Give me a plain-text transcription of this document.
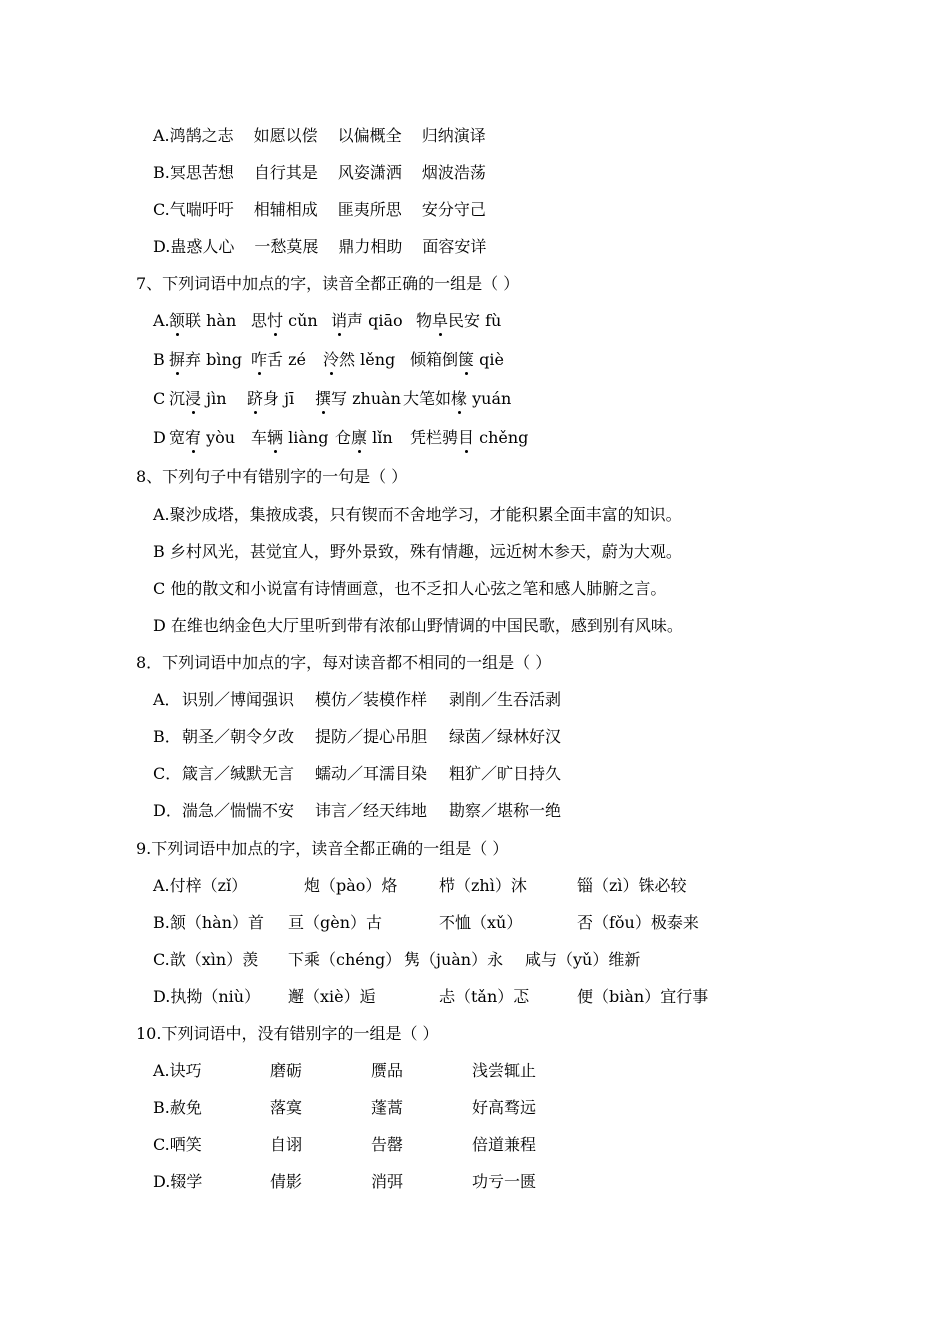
A.鸿鹄之志 如愿以偿 以偏概全 归纳演译
B.冥思苦想 自行其是 风姿潇洒 烟波浩荡
C.气喘吁吁 相辅相成 匪夷所思 安分守己
D.蛊惑人心 一愁莫展 鼎力相助 面容安详
7、下列词语中加点的字，读音全都正确的一组是（ ）
A. 颔联 hàn 思忖 cǔn 诮声 qiāo 物阜民安 fù
B 摒弃 bìng 咋舌 zé 泠然 lěng 倾箱倒箧 qiè
C 沉浸 jìn 跻身 jī 撰写 zhuàn 大笔如椽 yuán
D 宽宥 yòu 车辆 liàng 仓廪 lǐn 凭栏骋目 chěng
8、下列句子中有错别字的一句是（ ）
A.聚沙成塔，集掖成裘，只有锲而不舍地学习，才能积累全面丰富的知识。
B 乡村风光，甚觉宜人，野外景致，殊有情趣，远近树木参天，蔚为大观。
C 他的散文和小说富有诗情画意，也不乏扣人心弦之笔和感人肺腑之言。
D 在维也纳金色大厅里听到带有浓郁山野情调的中国民歌，感到别有风味。
8．下列词语中加点的字，每对读音都不相同的一组是（ ）
A． 识别／博闻强识 模仿／装模作样 剥削／生吞活剥
B． 朝圣／朝令夕改 提防／提心吊胆 绿茵／绿林好汉
C． 箴言／缄默无言 蠕动／耳濡目染 粗犷／旷日持久
D． 湍急／惴惴不安 讳言／经天纬地 勘察／堪称一绝
9.下列词语中加点的字，读音全都正确的一组是（ ）
A.付梓（zǐ）	炮（pào）烙	栉（zhì）沐	锱（zì）铢必较
B.颔（hàn）首 亘（gèn）古	不恤（xǔ）	否（fǒu）极泰来
C.歆（xìn）羡 下乘（chéng） 隽（juàn）永 咸与（yǔ）维新
D.执拗（niù） 邂（xiè）逅	忐（tǎn）忑	便（biàn）宜行事
10.下列词语中，没有错别字的一组是（ ）
A.诀巧	磨砺	赝品	浅尝辄止
B.赦免	落寞	蓬蒿	好高骛远
C.哂笑	自诩	告罄	倍道兼程
D.辍学	倩影	消弭	功亏一匮
